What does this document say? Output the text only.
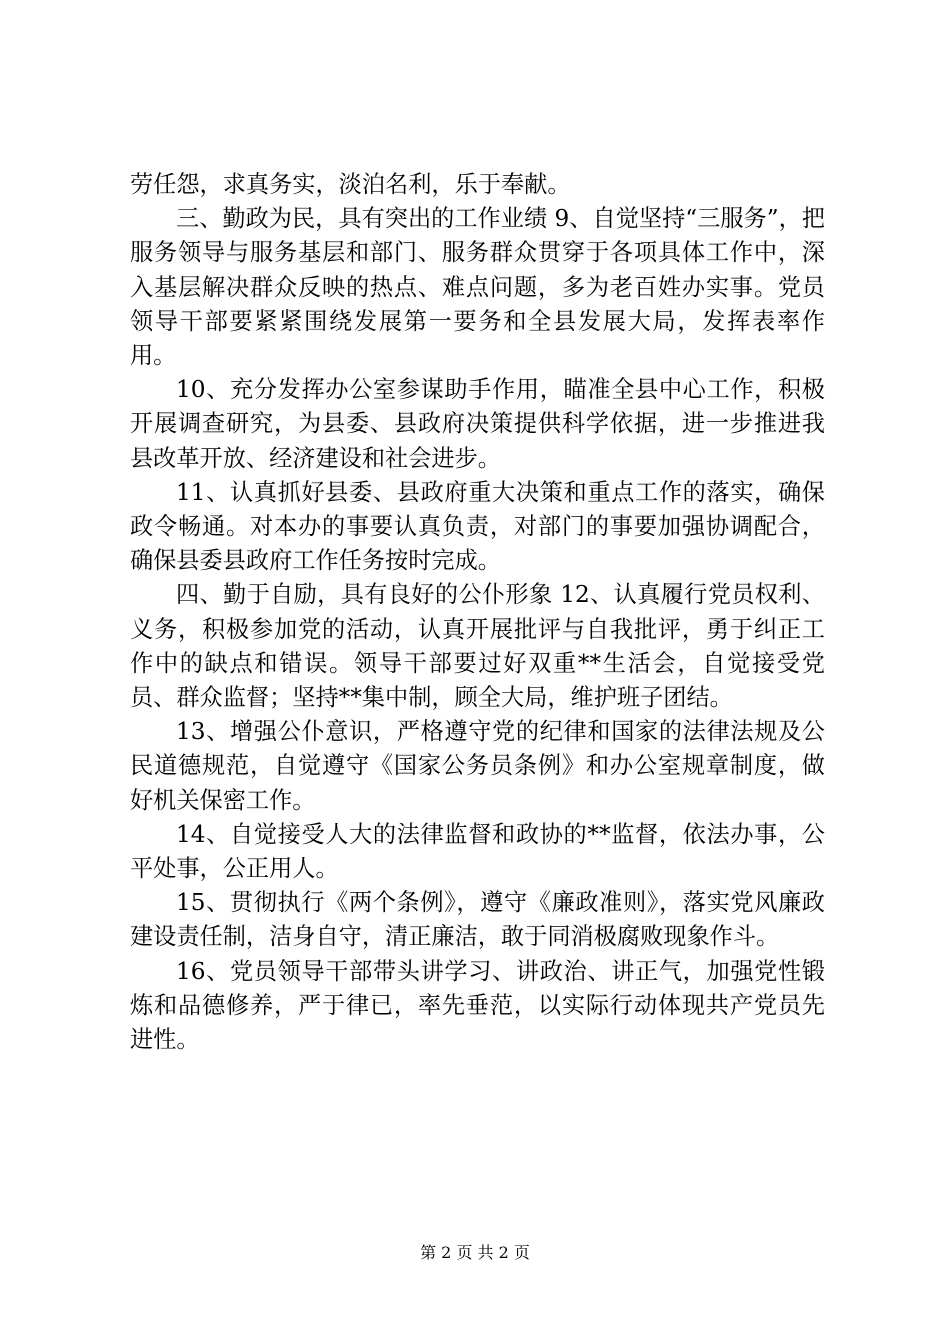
劳任怨，求真务实，淡泊名利，乐于奉献。

三、勤政为民，具有突出的工作业绩 9、自觉坚持“三服务”，把服务领导与服务基层和部门、服务群众贯穿于各项具体工作中，深入基层解决群众反映的热点、难点问题，多为老百姓办实事。党员领导干部要紧紧围绕发展第一要务和全县发展大局，发挥表率作用。

10、充分发挥办公室参谋助手作用，瞄准全县中心工作，积极开展调查研究，为县委、县政府决策提供科学依据，进一步推进我县改革开放、经济建设和社会进步。

11、认真抓好县委、县政府重大决策和重点工作的落实，确保政令畅通。对本办的事要认真负责，对部门的事要加强协调配合，确保县委县政府工作任务按时完成。

四、勤于自励，具有良好的公仆形象 12、认真履行党员权利、义务，积极参加党的活动，认真开展批评与自我批评，勇于纠正工作中的缺点和错误。领导干部要过好双重**生活会，自觉接受党员、群众监督；坚持**集中制，顾全大局，维护班子团结。

13、增强公仆意识，严格遵守党的纪律和国家的法律法规及公民道德规范，自觉遵守《国家公务员条例》和办公室规章制度，做好机关保密工作。

14、自觉接受人大的法律监督和政协的**监督，依法办事，公平处事，公正用人。

15、贯彻执行《两个条例》，遵守《廉政准则》，落实党风廉政建设责任制，洁身自守，清正廉洁，敢于同消极腐败现象作斗。

16、党员领导干部带头讲学习、讲政治、讲正气，加强党性锻炼和品德修养，严于律已，率先垂范，以实际行动体现共产党员先进性。

第 2 页 共 2 页
